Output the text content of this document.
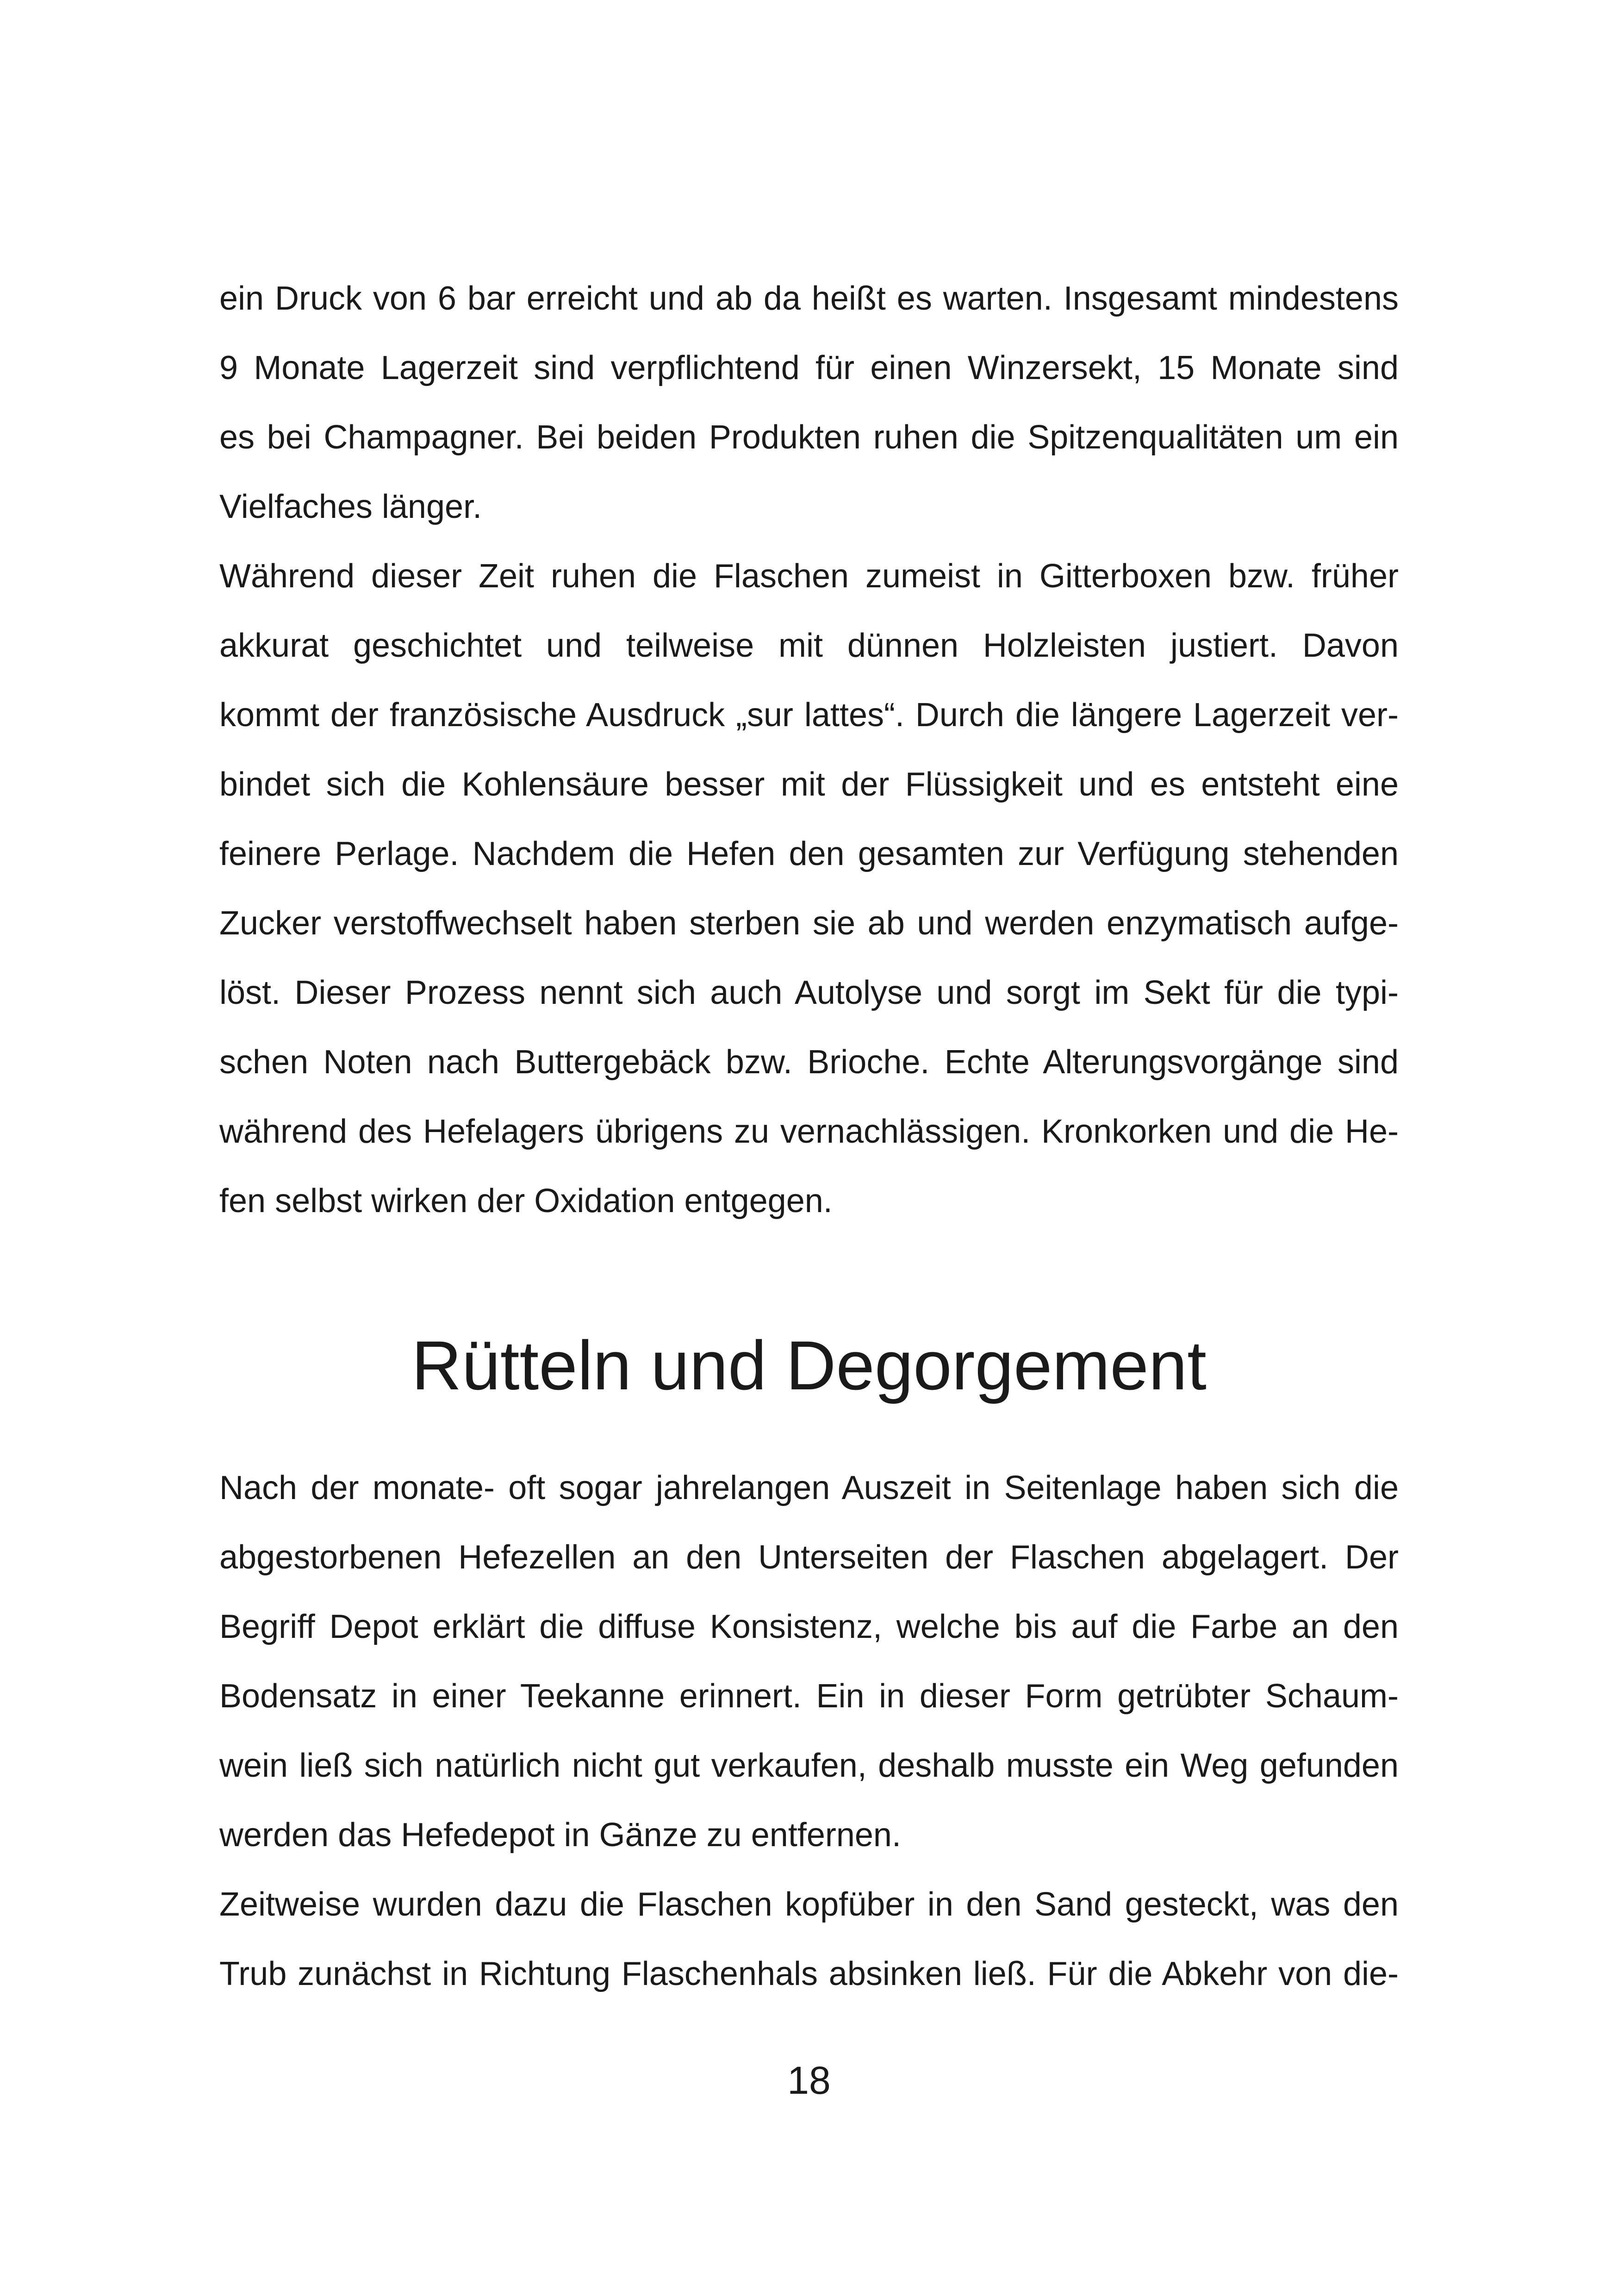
ein Druck von 6 bar erreicht und ab da heißt es warten. Insgesamt mindestens
9 Monate Lagerzeit sind verpflichtend für einen Winzersekt, 15 Monate sind
es bei Champagner. Bei beiden Produkten ruhen die Spitzenqualitäten um ein
Vielfaches länger.
Während dieser Zeit ruhen die Flaschen zumeist in Gitterboxen bzw. früher
akkurat geschichtet und teilweise mit dünnen Holzleisten justiert. Davon
kommt der französische Ausdruck „sur lattes“. Durch die längere Lagerzeit ver-
bindet sich die Kohlensäure besser mit der Flüssigkeit und es entsteht eine
feinere Perlage. Nachdem die Hefen den gesamten zur Verfügung stehenden
Zucker verstoffwechselt haben sterben sie ab und werden enzymatisch aufge-
löst. Dieser Prozess nennt sich auch Autolyse und sorgt im Sekt für die typi-
schen Noten nach Buttergebäck bzw. Brioche. Echte Alterungsvorgänge sind
während des Hefelagers übrigens zu vernachlässigen. Kronkorken und die He-
fen selbst wirken der Oxidation entgegen.
Rütteln und Degorgement
Nach der monate- oft sogar jahrelangen Auszeit in Seitenlage haben sich die
abgestorbenen Hefezellen an den Unterseiten der Flaschen abgelagert. Der
Begriff Depot erklärt die diffuse Konsistenz, welche bis auf die Farbe an den
Bodensatz in einer Teekanne erinnert. Ein in dieser Form getrübter Schaum-
wein ließ sich natürlich nicht gut verkaufen, deshalb musste ein Weg gefunden
werden das Hefedepot in Gänze zu entfernen.
Zeitweise wurden dazu die Flaschen kopfüber in den Sand gesteckt, was den
Trub zunächst in Richtung Flaschenhals absinken ließ. Für die Abkehr von die-
18
